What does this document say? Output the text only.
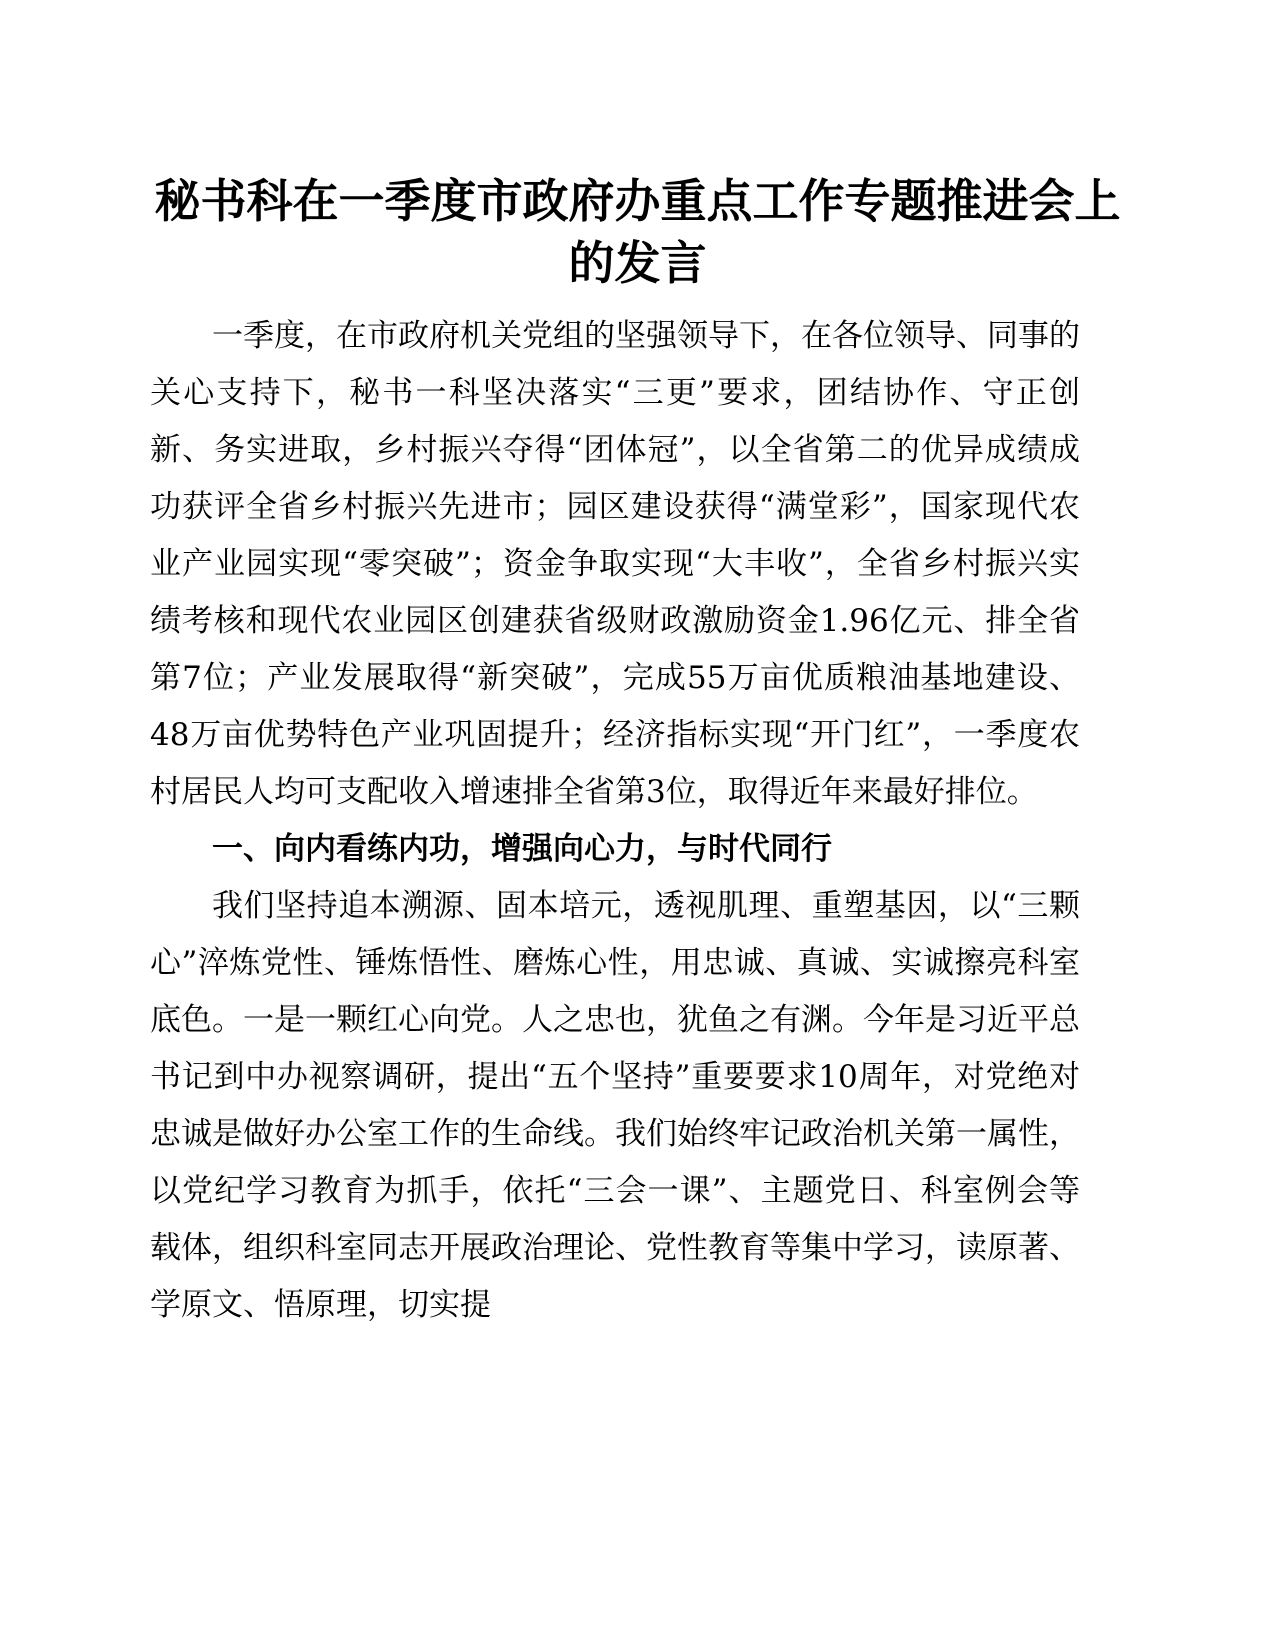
秘书科在一季度市政府办重点工作专题推进会上的发言

一季度，在市政府机关党组的坚强领导下，在各位领导、同事的关心支持下，秘书一科坚决落实“三更”要求，团结协作、守正创新、务实进取，乡村振兴夺得“团体冠”，以全省第二的优异成绩成功获评全省乡村振兴先进市；园区建设获得“满堂彩”，国家现代农业产业园实现“零突破”；资金争取实现“大丰收”，全省乡村振兴实绩考核和现代农业园区创建获省级财政激励资金1.96亿元、排全省第7位；产业发展取得“新突破”，完成55万亩优质粮油基地建设、48万亩优势特色产业巩固提升；经济指标实现“开门红”，一季度农村居民人均可支配收入增速排全省第3位，取得近年来最好排位。

一、向内看练内功，增强向心力，与时代同行

我们坚持追本溯源、固本培元，透视肌理、重塑基因，以“三颗心”淬炼党性、锤炼悟性、磨炼心性，用忠诚、真诚、实诚擦亮科室底色。一是一颗红心向党。人之忠也，犹鱼之有渊。今年是习近平总书记到中办视察调研，提出“五个坚持”重要要求10周年，对党绝对忠诚是做好办公室工作的生命线。我们始终牢记政治机关第一属性，以党纪学习教育为抓手，依托“三会一课”、主题党日、科室例会等载体，组织科室同志开展政治理论、党性教育等集中学习，读原著、学原文、悟原理，切实提
